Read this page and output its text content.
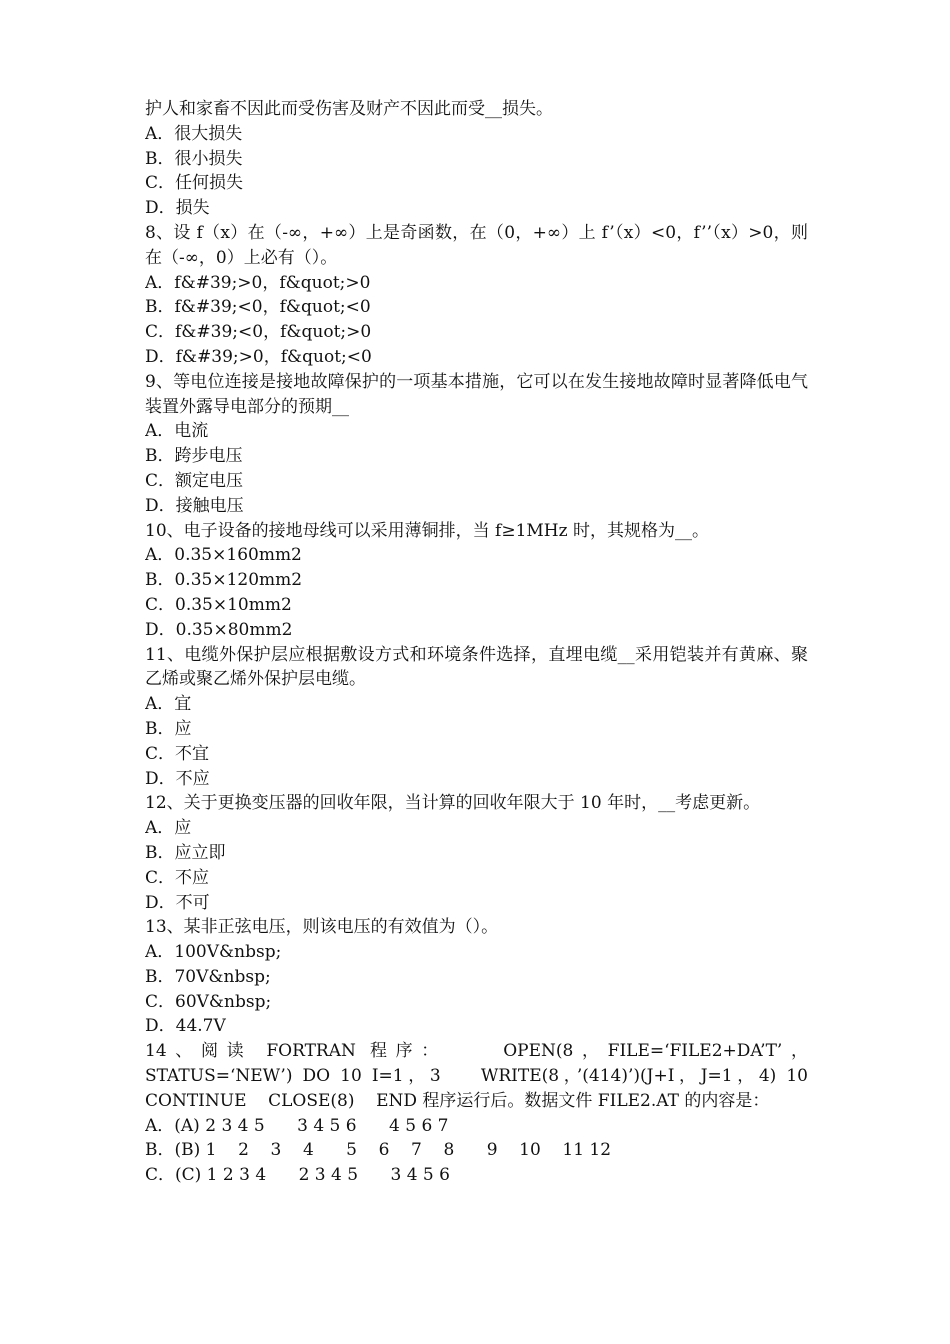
护人和家畜不因此而受伤害及财产不因此而受__损失。
A．很大损失
B．很小损失
C．任何损失
D．损失
8、设 f（x）在（-∞，+∞）上是奇函数，在（0，+∞）上 f’（x）<0，f’’（x）>0，则在（-∞，0）上必有（）。
A．f&#39;>0，f&quot;>0
B．f&#39;<0，f&quot;<0
C．f&#39;<0，f&quot;>0
D．f&#39;>0，f&quot;<0
9、等电位连接是接地故障保护的一项基本措施，它可以在发生接地故障时显著降低电气装置外露导电部分的预期__
A．电流
B．跨步电压
C．额定电压
D．接触电压
10、电子设备的接地母线可以采用薄铜排，当 f≥1MHz 时，其规格为__。
A．0.35×160mm2
B．0.35×120mm2
C．0.35×10mm2
D．0.35×80mm2
11、电缆外保护层应根据敷设方式和环境条件选择，直埋电缆__采用铠装并有黄麻、聚乙烯或聚乙烯外保护层电缆。
A．宜
B．应
C．不宜
D．不应
12、关于更换变压器的回收年限，当计算的回收年限大于 10 年时，__考虑更新。
A．应
B．应立即
C．不应
D．不可
13、某非正弦电压，则该电压的有效值为（）。
A．100V&nbsp;
B．70V&nbsp;
C．60V&nbsp;
D．44.7V
14、阅读 FORTRAN 程序：    OPEN(8，FILE=‘FILE2+DA’T’，STATUS=‘NEW’) DO 10 I=1，3    WRITE(8，’(414)’)(J+I，J=1，4) 10 CONTINUE    CLOSE(8)    END 程序运行后。数据文件 FILE2.AT 的内容是：
A．(A) 2 3 4 5      3 4 5 6      4 5 6 7
B．(B) 1    2    3    4      5    6    7    8      9    10    11 12
C．(C) 1 2 3 4      2 3 4 5      3 4 5 6
